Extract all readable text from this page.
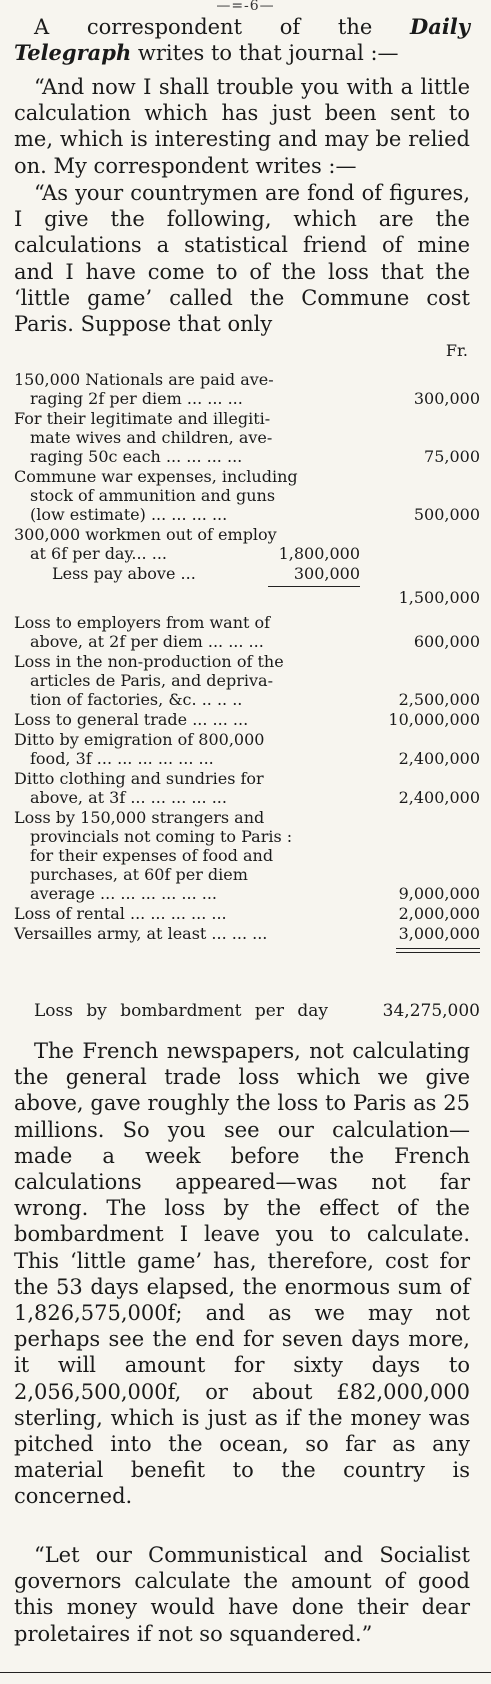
—=-6—

A correspondent of the Daily Telegraph writes to that journal :—

“And now I shall trouble you with a little calculation which has just been sent to me, which is interesting and may be relied on. My correspondent writes :—

“As your countrymen are fond of figures, I give the following, which are the calculations a statistical friend of mine and I have come to of the loss that the ‘little game’ called the Commune cost Paris. Suppose that only

Fr.
150,000 Nationals are paid ave-
raging 2f per diem ... ... ...	300,000
For their legitimate and illegiti-
mate wives and children, ave-
raging 50c each ... ... ... ...	75,000
Commune war expenses, including
stock of ammunition and guns
(low estimate) ... ... ... ...	500,000
300,000 workmen out of employ
at 6f per day... ...	1,800,000
Less pay above ...	300,000
1,500,000
Loss to employers from want of
above, at 2f per diem ... ... ...	600,000
Loss in the non-production of the
articles de Paris, and depriva-
tion of factories, &c. .. .. ..	2,500,000
Loss to general trade ... ... ...	10,000,000
Ditto by emigration of 800,000
food, 3f ... ... ... ... ... ...	2,400,000
Ditto clothing and sundries for
above, at 3f ... ... ... ... ...	2,400,000
Loss by 150,000 strangers and
provincials not coming to Paris :
for their expenses of food and
purchases, at 60f per diem
average ... ... ... ... ... ...	9,000,000
Loss of rental ... ... ... ... ...	2,000,000
Versailles army, at least ... ... ...	3,000,000
Loss by bombardment per day	34,275,000

The French newspapers, not calculating the general trade loss which we give above, gave roughly the loss to Paris as 25 millions. So you see our calculation—made a week before the French calculations appeared—was not far wrong. The loss by the effect of the bombardment I leave you to calculate. This ‘little game’ has, therefore, cost for the 53 days elapsed, the enormous sum of 1,826,575,000f; and as we may not perhaps see the end for seven days more, it will amount for sixty days to 2,056,500,000f, or about £82,000,000 sterling, which is just as if the money was pitched into the ocean, so far as any material benefit to the country is concerned.

“Let our Communistical and Socialist governors calculate the amount of good this money would have done their dear proletaires if not so squandered.”
